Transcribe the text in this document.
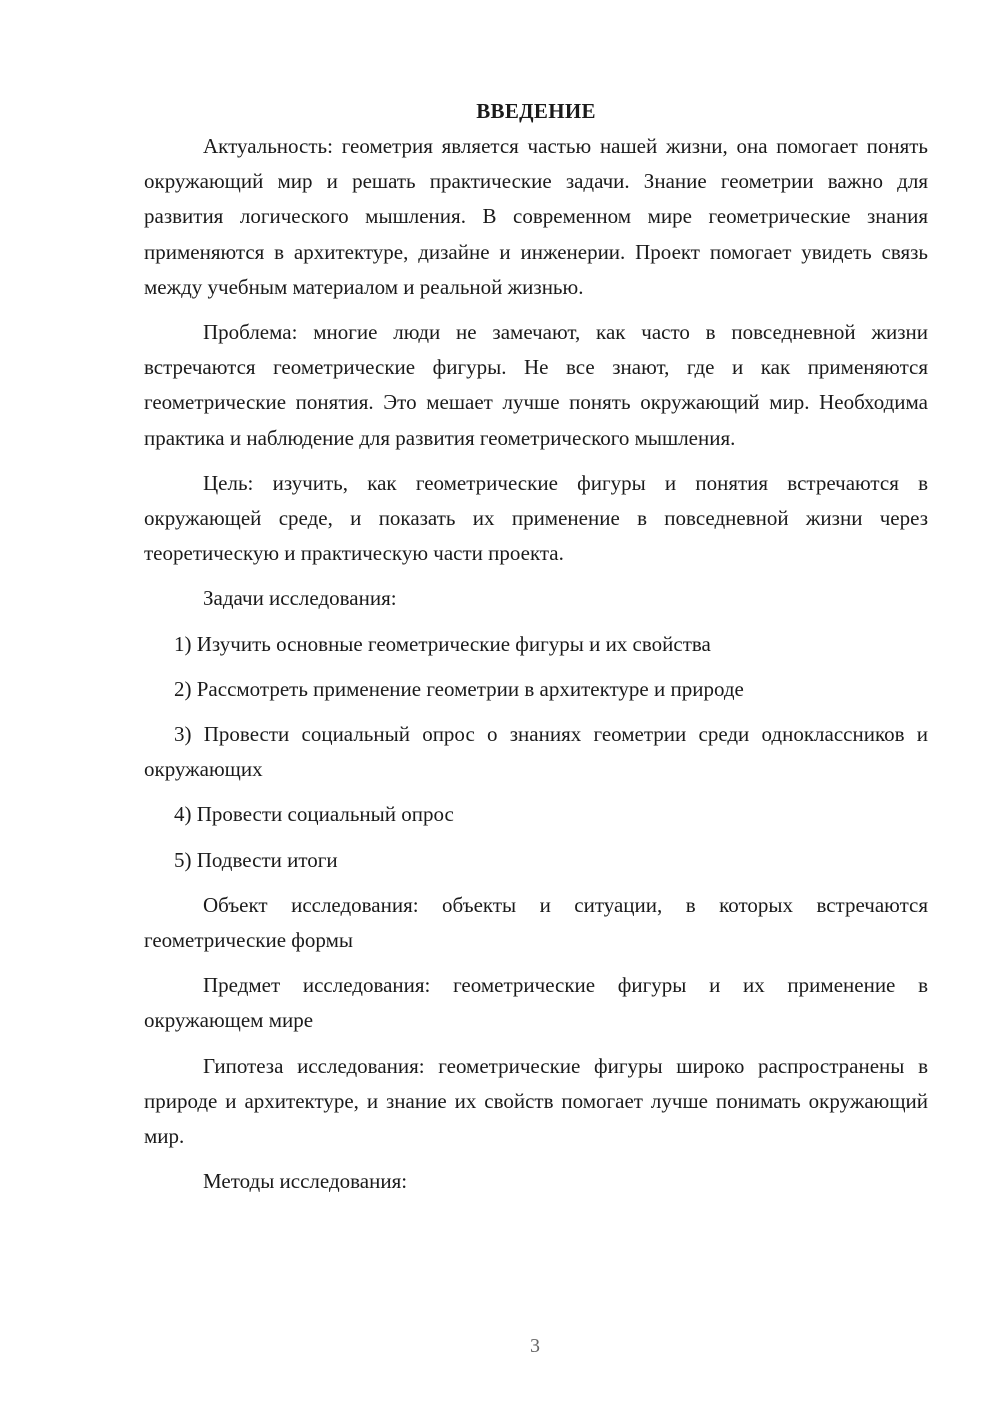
ВВЕДЕНИЕ

Актуальность: геометрия является частью нашей жизни, она помогает понять окружающий мир и решать практические задачи. Знание геометрии важно для развития логического мышления. В современном мире геометрические знания применяются в архитектуре, дизайне и инженерии. Проект помогает увидеть связь между учебным материалом и реальной жизнью.

Проблема: многие люди не замечают, как часто в повседневной жизни встречаются геометрические фигуры. Не все знают, где и как применяются геометрические понятия. Это мешает лучше понять окружающий мир. Необходима практика и наблюдение для развития геометрического мышления.

Цель: изучить, как геометрические фигуры и понятия встречаются в окружающей среде, и показать их применение в повседневной жизни через теоретическую и практическую части проекта.

Задачи исследования:

1) Изучить основные геометрические фигуры и их свойства

2) Рассмотреть применение геометрии в архитектуре и природе

3) Провести социальный опрос о знаниях геометрии среди одноклассников и окружающих

4) Провести социальный опрос

5) Подвести итоги

Объект исследования: объекты и ситуации, в которых встречаются геометрические формы

Предмет исследования: геометрические фигуры и их применение в окружающем мире

Гипотеза исследования: геометрические фигуры широко распространены в природе и архитектуре, и знание их свойств помогает лучше понимать окружающий мир.

Методы исследования:

3
